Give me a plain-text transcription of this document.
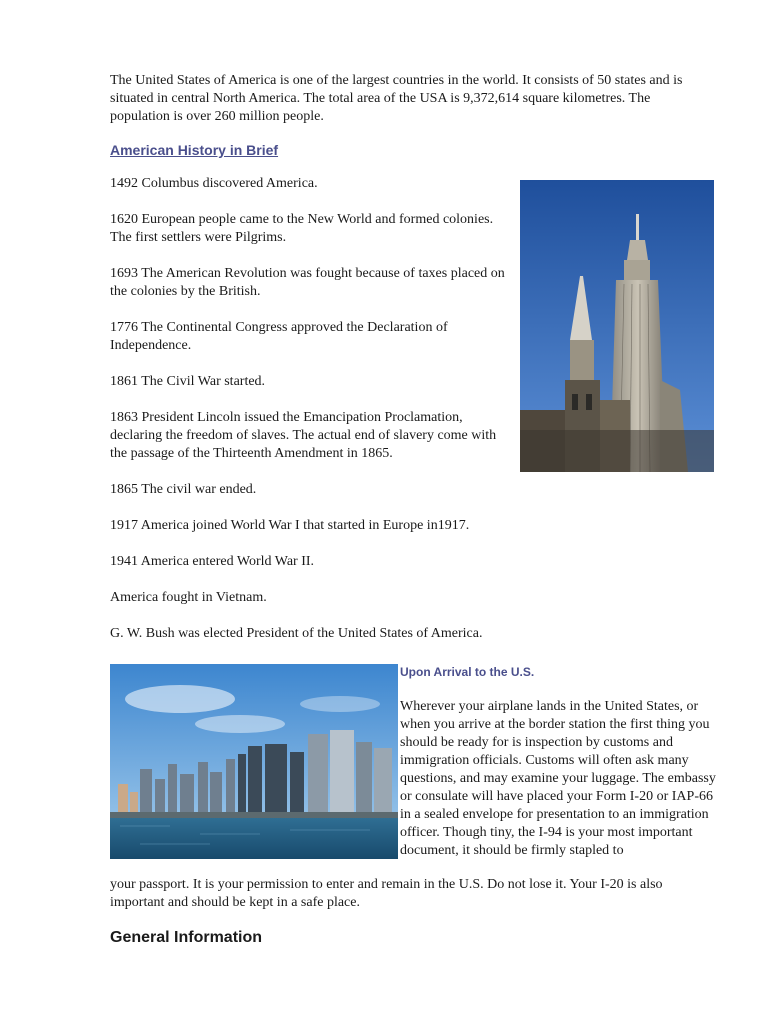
The United States of America is one of the largest countries in the world. It consists of 50 states and is situated in central North America. The total area of the USA is 9,372,614 square kilometres. The population is over 260 million people.

American History in Brief

1492 Columbus discovered America.

1620 European people came to the New World and formed colonies. The first settlers were Pilgrims.

1693 The American Revolution was fought because of taxes placed on the colonies by the British.

1776 The Continental Congress approved the Declaration of Independence.

1861 The Civil War started.

1863 President Lincoln issued the Emancipation Proclamation, declaring the freedom of slaves. The actual end of slavery come with the passage of the Thirteenth Amendment in 1865.

1865 The civil war ended.

1917 America joined World War I that started in Europe in1917.

1941 America entered World War II.

America fought in Vietnam.

G. W. Bush was elected President of the United States of America.

Upon Arrival to the U.S.

Wherever your airplane lands in the United States, or when you arrive at the border station the first thing you should be ready for is inspection by customs and immigration officials. Customs will often ask many questions, and may examine your luggage. The embassy or consulate will have placed your Form I-20 or IAP-66 in a sealed envelope for presentation to an immigration officer. Though tiny, the I-94 is your most important document, it should be firmly stapled to

your passport. It is your permission to enter and remain in the U.S. Do not lose it. Your I-20 is also important and should be kept in a safe place.

General Information
